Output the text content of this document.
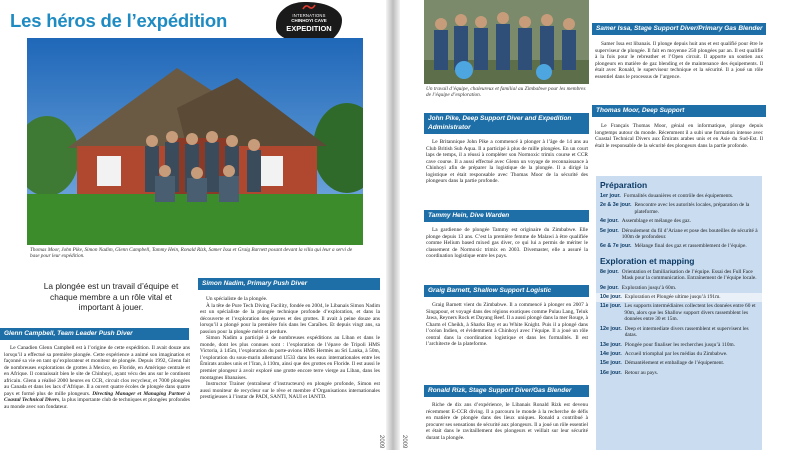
Les héros de l’expédition	INTERNATIONS
CHINHOYI CAVE
EXPEDITION
Thomas Moor, John Pike, Simon Nadim, Glenn Campbell, Tammy Hein, Ronald Rizk, Samer Issa et Graig Barnett posant devant la villa qui leur a servi de base pour leur expédition.
La plongée est un travail d’équipe et chaque membre a un rôle vital et important à jouer.
Glenn Campbell, Team Leader Push Diver

Le Canadien Glenn Campbell est à l’origine de cette expédition. Il avait douze ans lorsqu’il a effectué sa première plongée. Cette expérience a animé son imagination et façonné sa vie en tant qu’explorateur et moniteur de plongée. Depuis 1992, Glenn fait de nombreuses explorations de grottes à Mexico, en Floride, en Amérique centrale et en Afrique. Il connaissait bien le site de Chinhoyi, ayant vécu des ans sur le continent africain. Glenn a réalisé 2000 heures en CCR, circuit clos recycleur, et 7000 plongées au Canada et dans les lacs d’Afrique. Il a ouvert quatre écoles de plongée dans quatre pays et formé plus de mille plongeurs. Directing Manager et Managing Partner à Coastal Technical Divers, la plus importante club de techniques et plongées profondes au monde avec son fondateur.

Simon Nadim, Primary Push Diver

Un spécialiste de la plongée.

À la tête de Pure Tech Diving Facility, fondée en 2004, le Libanais Simon Nadim est un spécialiste de la plongée technique profonde d’exploration, et dans la découverte et l’exploration des épaves et des grottes. Il avait à peine douze ans lorsqu’il a plongé pour la première fois dans les Caraïbes. Et depuis vingt ans, sa passion pour la plongée mérit et perdure.

Simon Nadim a participé à de nombreuses expéditions au Liban et dans le monde, dont les plus connues sont : l’exploration de l’épave de Tripoli HMS Victoria, à 145m, l’exploration du porte-avions HMS Hermès au Sri Lanka, à 50m, l’exploration du sous-marin allemand U533 dans les eaux internationales entre les Émirats arabes unis et l’Iran, à 110m, ainsi que des grottes en Floride. Il est aussi le premier plongeur à avoir exploré une grotte encore terre vierge au Liban, dans les montagnes libanaises.

Instructor Trainer (entraîneur d’instructeurs) en plongée profonde, Simon est aussi moniteur de recycleur sur le rêve et membre d’Organisations internationales prestigieuses à l’instar de PADI, SANTI, NAUI et IANTD.

2009	2009
Un travail d’équipe, chaleureux et familial au Zimbabwe pour les membres de l’équipe d’exploration.
John Pike, Deep Support Diver and Expedition Administrator

Le Britannique John Pike a commencé à plonger à l’âge de 14 ans au Club British Sub Aqua. Il a participé à plus de mille plongées. En un court laps de temps, il a réussi à compléter son Normoxic trimix course et CCR cave course. Il a aussi effectué avec Glenn un voyage de reconnaissance à Chinhoyi afin de préparer la logistique de la plongée. Il a dirigé la logistique et était responsable avec Thomas Moor de la sécurité des plongeurs dans la partie profonde.

Tammy Hein, Dive Warden

La gardienne de plongée Tammy est originaire du Zimbabwe. Elle plonge depuis 13 ans. C’est la première femme de Malawi à être qualifiée comme Helium based mixed gas diver, ce qui lui a permis de mériter le classement de Normoxic trimix en 2003. Divemaster, elle a assuré la coordination logistique entre les pays.

Graig Barnett, Shallow Support Logistic

Graig Barnett vient du Zimbabwe. Il a commencé à plonger en 2007 à Singapour, et voyagé dans des régions exotiques comme Pulau Lang, Teluk Jawa, Reyners Rock et Dayang Reef. Il a aussi plongé dans la mer Rouge, à Charm el Cheikh, à Sharks Bay et au White Knight. Puis il a plongé dans l’océan Indien, et évidemment à Chinhoyi avec l’équipe. Il a joué un rôle central dans la coordination logistique et dans les formalités. Il est l’architecte de la plateforme.

Ronald Rizk, Stage Support Diver/Gas Blender

Riche de dix ans d’expérience, le Libanais Ronald Rizk est devenu récemment E-CCR diving. Il a parcouru le monde à la recherche de défis en matière de plongée dans des lieux uniques. Ronald a contribué à procurer ses sensations de sécurité aux plongeurs. Il a joué un rôle essentiel et était dans le ravitaillement des plongeurs et veillait sur leur sécurité durant la plongée.

Samer Issa, Stage Support Diver/Primary Gas Blender

Samer Issa est libanais. Il plonge depuis huit ans et est qualifié pour être le superviseur de plongée. Il fait en moyenne 250 plongées par an. Il est qualifié à la fois pour le rebreather et l’Open circuit. Il apporte un soutien aux plongeurs en matière de gaz blending et de maintenance des équipements. Il était avec Ronald, le superviseur technique et la sécurité. Il a joué un rôle essentiel dans le processus de l’argence.

Thomas Moor, Deep Support

Le Français Thomas Moor, génial en informatique, plonge depuis longtemps autour du monde. Récemment il a subi une formation intense avec Coastal Technical Divers aux Émirats arabes unis et en Asie du Sud-Est. Il était le responsable de la sécurité des plongeurs dans la partie profonde.

Préparation
1er jour. Formalités douanières et contrôle des équipements.
2e & 3e jour. Rencontre avec les autorités locales, préparation de la plateforme.
4e jour. Assemblage et mélange des gaz.
5e jour. Déroulement du fil d’Ariane et pose des bouteilles de sécurité à 100m de profondeur.
6e & 7e jour. Mélange final des gaz et rassemblement de l’équipe.
Exploration et mapping
8e jour. Orientation et familiarisation de l’équipe. Essai des Full Face Mask pour la communication. Entraînement de l’équipe locale.
9e jour. Exploration jusqu’à 60m.
10e jour. Exploration et Plongée ultime jusqu’à 191m.
11e jour. Les supports intermédiaires collectent les données entre 60 et 90m, alors que les Shallow support divers rassemblent les données entre 30 et 15m.
12e jour. Deep et intermediate divers rassemblent et supervisent les datas.
13e jour. Plongée pour finaliser les recherches jusqu’à 110m.
14e jour. Accueil triomphal par les médias du Zimbabwe.
15e jour. Démantèlement et emballage de l’équipement.
16e jour. Retour au pays.
